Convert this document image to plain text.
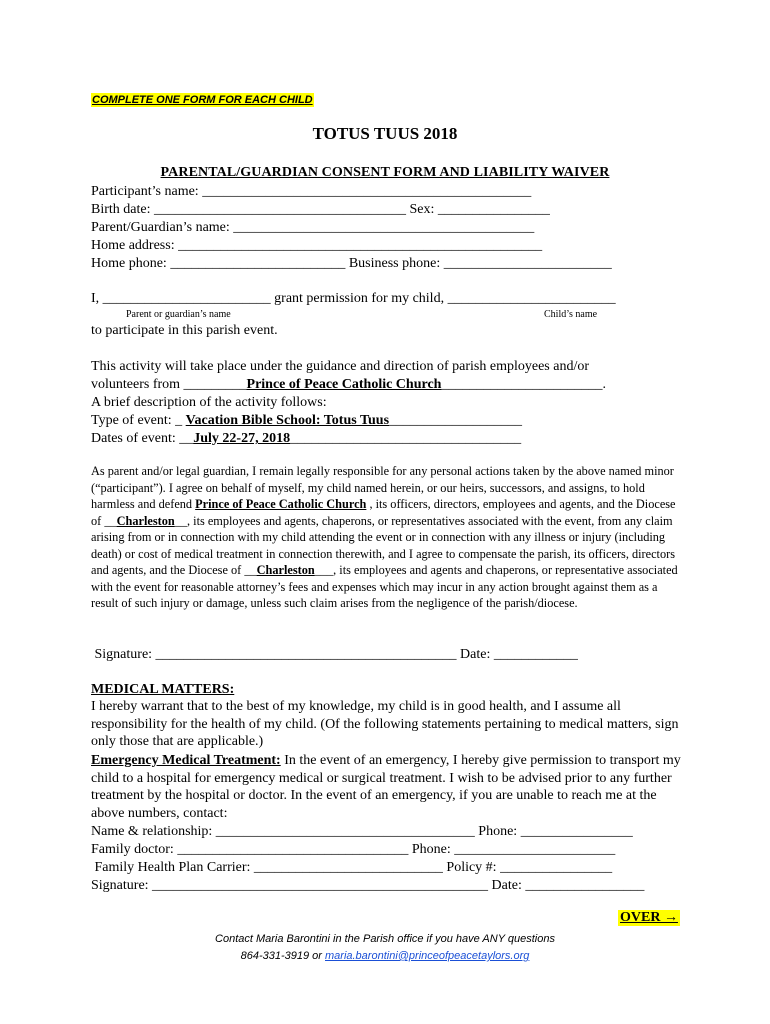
COMPLETE ONE FORM FOR EACH CHILD
TOTUS TUUS 2018
PARENTAL/GUARDIAN CONSENT FORM AND LIABILITY WAIVER
Participant’s name: _______________________________________________
Birth date: ____________________________________ Sex: ________________
Parent/Guardian’s name: ___________________________________________
Home address: ____________________________________________________
Home phone: _________________________ Business phone: ________________________
I, ________________________ grant permission for my child, ________________________
Parent or guardian’s name	Child’s name
to participate in this parish event.
This activity will take place under the guidance and direction of parish employees and/or
volunteers from _________Prince of Peace Catholic Church_______________________.
A brief description of the activity follows:
Type of event: _ Vacation Bible School: Totus Tuus___________________
Dates of event: __July 22-27, 2018_________________________________
As parent and/or legal guardian, I remain legally responsible for any personal actions taken by the above named minor (“participant”). I agree on behalf of myself, my child named herein, or our heirs, successors, and assigns, to hold harmless and defend Prince of Peace Catholic Church , its officers, directors, employees and agents, and the Diocese of __Charleston__, its employees and agents, chaperons, or representatives associated with the event, from any claim arising from or in connection with my child attending the event or in connection with any illness or injury (including death) or cost of medical treatment in connection therewith, and I agree to compensate the parish, its officers, directors and agents, and the Diocese of __Charleston___, its employees and agents and chaperons, or representative associated with the event for reasonable attorney’s fees and expenses which may incur in any action brought against them as a result of such injury or damage, unless such claim arises from the negligence of the parish/diocese.
Signature: ___________________________________________ Date: ____________
MEDICAL MATTERS:
I hereby warrant that to the best of my knowledge, my child is in good health, and I assume all responsibility for the health of my child. (Of the following statements pertaining to medical matters, sign only those that are applicable.)
Emergency Medical Treatment: In the event of an emergency, I hereby give permission to transport my child to a hospital for emergency medical or surgical treatment. I wish to be advised prior to any further treatment by the hospital or doctor. In the event of an emergency, if you are unable to reach me at the above numbers, contact:
Name & relationship: _____________________________________ Phone: ________________
Family doctor: _________________________________ Phone: _______________________
Family Health Plan Carrier: ___________________________ Policy #: ________________
Signature: ________________________________________________ Date: _________________
OVER →
Contact Maria Barontini in the Parish office if you have ANY questions
864-331-3919 or maria.barontini@princeofpeacetaylors.org
